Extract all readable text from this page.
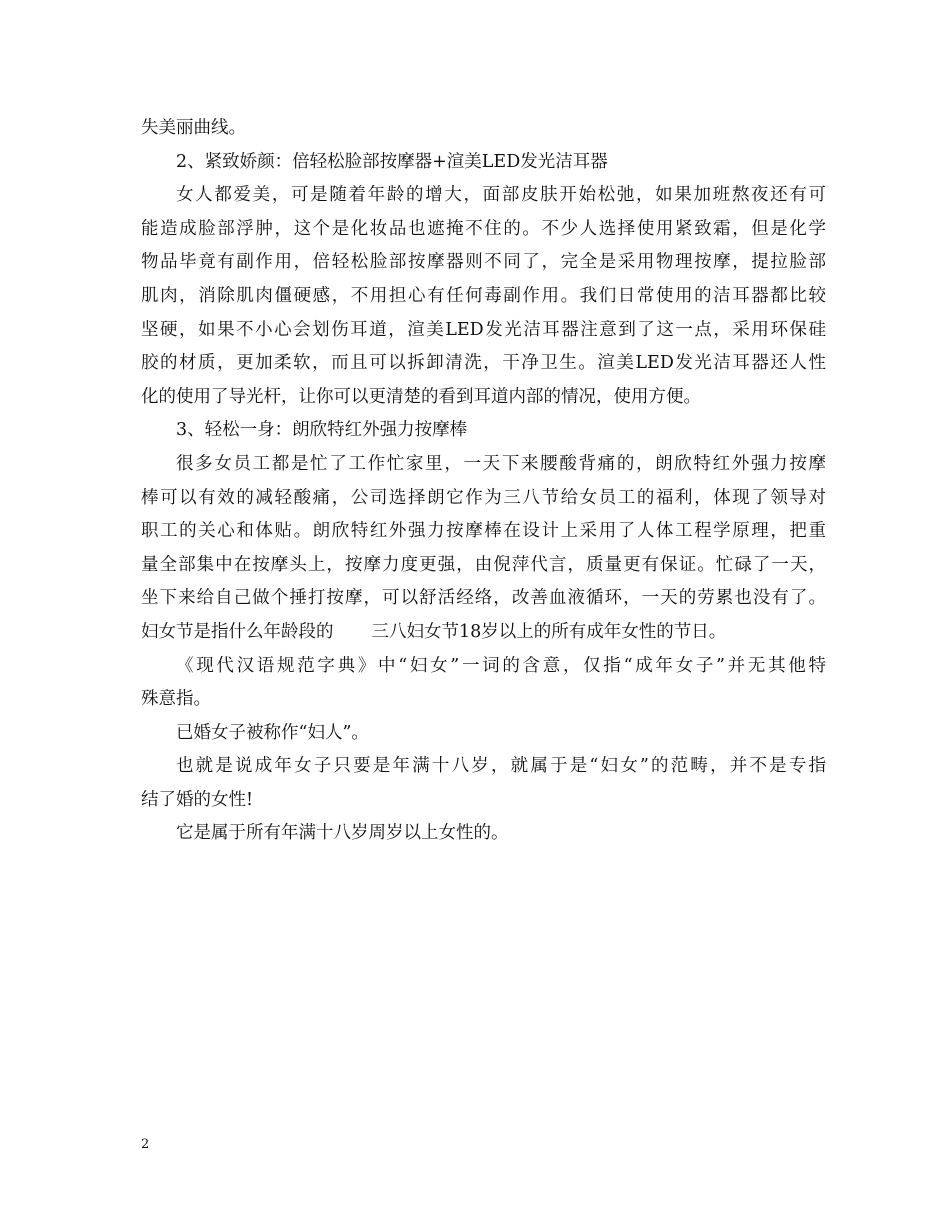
失美丽曲线。
2、紧致娇颜：倍轻松脸部按摩器+渲美LED发光洁耳器
女人都爱美，可是随着年龄的增大，面部皮肤开始松弛，如果加班熬夜还有可
能造成脸部浮肿，这个是化妆品也遮掩不住的。不少人选择使用紧致霜，但是化学
物品毕竟有副作用，倍轻松脸部按摩器则不同了，完全是采用物理按摩，提拉脸部
肌肉，消除肌肉僵硬感，不用担心有任何毒副作用。我们日常使用的洁耳器都比较
坚硬，如果不小心会划伤耳道，渲美LED发光洁耳器注意到了这一点，采用环保硅
胶的材质，更加柔软，而且可以拆卸清洗，干净卫生。渲美LED发光洁耳器还人性
化的使用了导光杆，让你可以更清楚的看到耳道内部的情况，使用方便。
3、轻松一身：朗欣特红外强力按摩棒
很多女员工都是忙了工作忙家里，一天下来腰酸背痛的，朗欣特红外强力按摩
棒可以有效的减轻酸痛，公司选择朗它作为三八节给女员工的福利，体现了领导对
职工的关心和体贴。朗欣特红外强力按摩棒在设计上采用了人体工程学原理，把重
量全部集中在按摩头上，按摩力度更强，由倪萍代言，质量更有保证。忙碌了一天，
坐下来给自己做个捶打按摩，可以舒活经络，改善血液循环，一天的劳累也没有了。
妇女节是指什么年龄段的 三八妇女节18岁以上的所有成年女性的节日。
《现代汉语规范字典》中“妇女”一词的含意，仅指“成年女子”并无其他特
殊意指。
已婚女子被称作“妇人”。
也就是说成年女子只要是年满十八岁，就属于是“妇女”的范畴，并不是专指
结了婚的女性!
它是属于所有年满十八岁周岁以上女性的。
2
